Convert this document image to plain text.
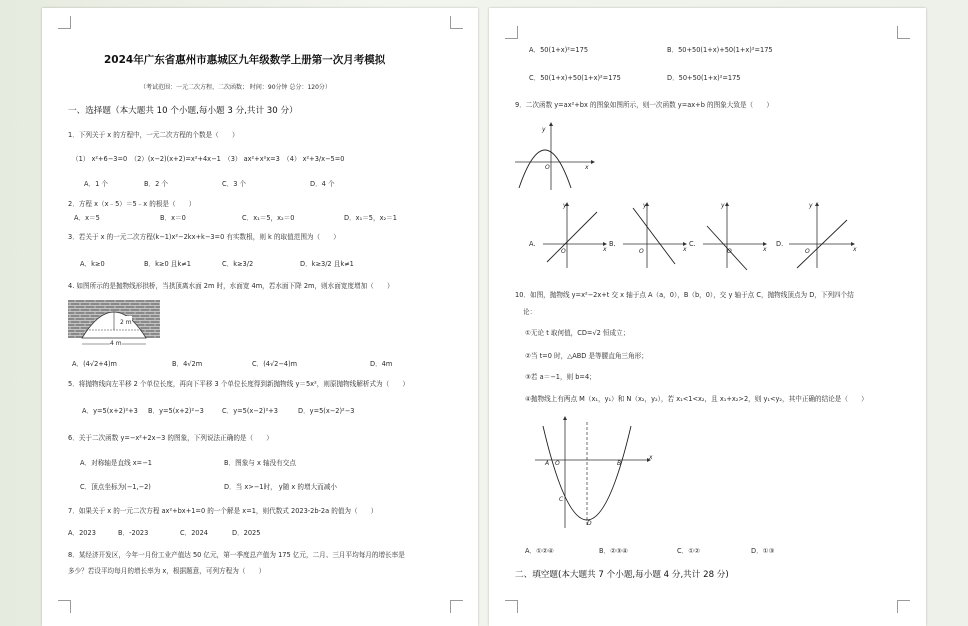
2024年广东省惠州市惠城区九年级数学上册第一次月考模拟
（考试范围：一元二次方程、二次函数； 时间：90分钟 总分：120分）
一、选择题（本大题共 10 个小题,每小题 3 分,共计 30 分）
1．下列关于 x 的方程中，一元二次方程的个数是（　　）
（1） x²+6−3=0　（2）(x−2)(x+2)=x²+4x−1　（3） ax²+x²x=3　（4） x²+3/x−5=0
A．1 个	B．2 个	C．3 个	D．4 个
2．方程 x（x﹣5）＝5﹣x 的根是（　　）
A．x＝5	B．x＝0	C．x₁＝5，x₂＝0	D．x₁＝5，x₂＝1
3．若关于 x 的一元二次方程(k−1)x²−2kx+k−3=0 有实数根，则 k 的取值范围为（　　）
A．k≥0	B．k≥0 且k≠1	C．k≥3/2	D．k≥3/2 且k≠1
4. 如图所示的是抛物线形拱桥，当拱顶离水面 2m 时，水面宽 4m，若水面下降 2m，则水面宽度增加（　　）
2 m
4 m
A．(4√2+4)m	B．4√2m	C．(4√2−4)m	D．4m
5．将抛物线向左平移 2 个单位长度，再向下平移 3 个单位长度得到新抛物线 y＝5x²，则原抛物线解析式为（　　）
A．y=5(x+2)²+3 B．y=5(x+2)²−3	C．y=5(x−2)²+3	D．y=5(x−2)²−3
6．关于二次函数 y=−x²+2x−3 的图象，下列说法正确的是（　　）
A．对称轴是直线 x=−1	B．图象与 x 轴没有交点
C．顶点坐标为(−1,−2)	D．当 x>−1时， y随 x 的增大而减小
7．如果关于 x 的一元二次方程 ax²+bx+1=0 的一个解是 x=1，则代数式 2023-2b-2a 的值为（　　）
A．2023	B．-2023	C．2024	D．2025
8．某经济开发区，今年一月份工业产值达 50 亿元，第一季度总产值为 175 亿元，二月、三月平均每月的增长率是
多少？若设平均每月的增长率为 x，根据题意，可列方程为（　　）
A．50(1+x)²=175	B．50+50(1+x)+50(1+x)²=175
C．50(1+x)+50(1+x)²=175	D．50+50(1+x)²=175
9．二次函数 y=ax²+bx 的图象如图所示，则一次函数 y=ax+b 的图象大致是（　　）
y
O	x
A.	B.	C.	D.
y
x
O
y
x
O
y
x
O
y
x
O
10．如图，抛物线 y=x²−2x+t 交 x 轴于点 A（a，0），B（b，0），交 y 轴于点 C，抛物线顶点为 D，下列四个结
论：
①无论 t 取何值，CD=√2 恒成立；
②当 t=0 时，△ABD 是等腰直角三角形；
③若 a＝−1，则 b=4；
④抛物线上有两点 M（x₁，y₁）和 N（x₂，y₂），若 x₁<1<x₂，且 x₁+x₂>2，则 y₁<y₂，其中正确的结论是（　　）
A O	B
x
C
D
A．①②④	B．②③④	C．①②	D．①③
二、填空题(本大题共 7 个小题,每小题 4 分,共计 28 分)
